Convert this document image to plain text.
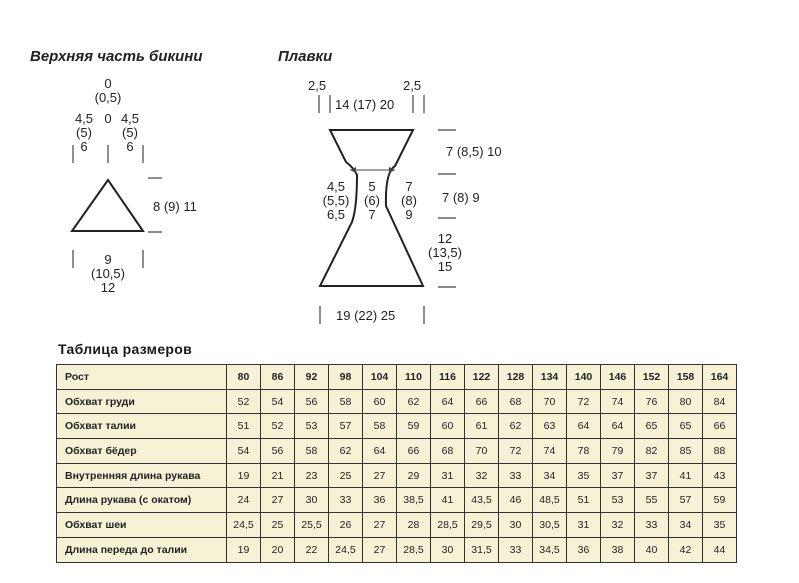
Верхняя часть бикини
0
(0,5)
4,5
(5)
6
0 4,5
(5)
6
8 (9) 11
9
(10,5)
12
Плавки
2,5	2,5
14 (17) 20
7 (8,5) 10
7 (8) 9
12
(13,5)
15
4,5
(5,5)
6,5
5
(6)
7
7
(8)
9
19 (22) 25
Таблица размеров
Рост	80	86	92	98	104	110	116	122	128	134	140	146	152	158	164
Обхват груди	52	54	56	58	60	62	64	66	68	70	72	74	76	80	84
Обхват талии	51	52	53	57	58	59	60	61	62	63	64	64	65	65	66
Обхват бёдер	54	56	58	62	64	66	68	70	72	74	78	79	82	85	88
Внутренняя длина рукава	19	21	23	25	27	29	31	32	33	34	35	37	37	41	43
Длина рукава (с окатом)	24	27	30	33	36	38,5	41	43,5	46	48,5	51	53	55	57	59
Обхват шеи	24,5	25	25,5	26	27	28	28,5	29,5	30	30,5	31	32	33	34	35
Длина переда до талии	19	20	22	24,5	27	28,5	30	31,5	33	34,5	36	38	40	42	44
